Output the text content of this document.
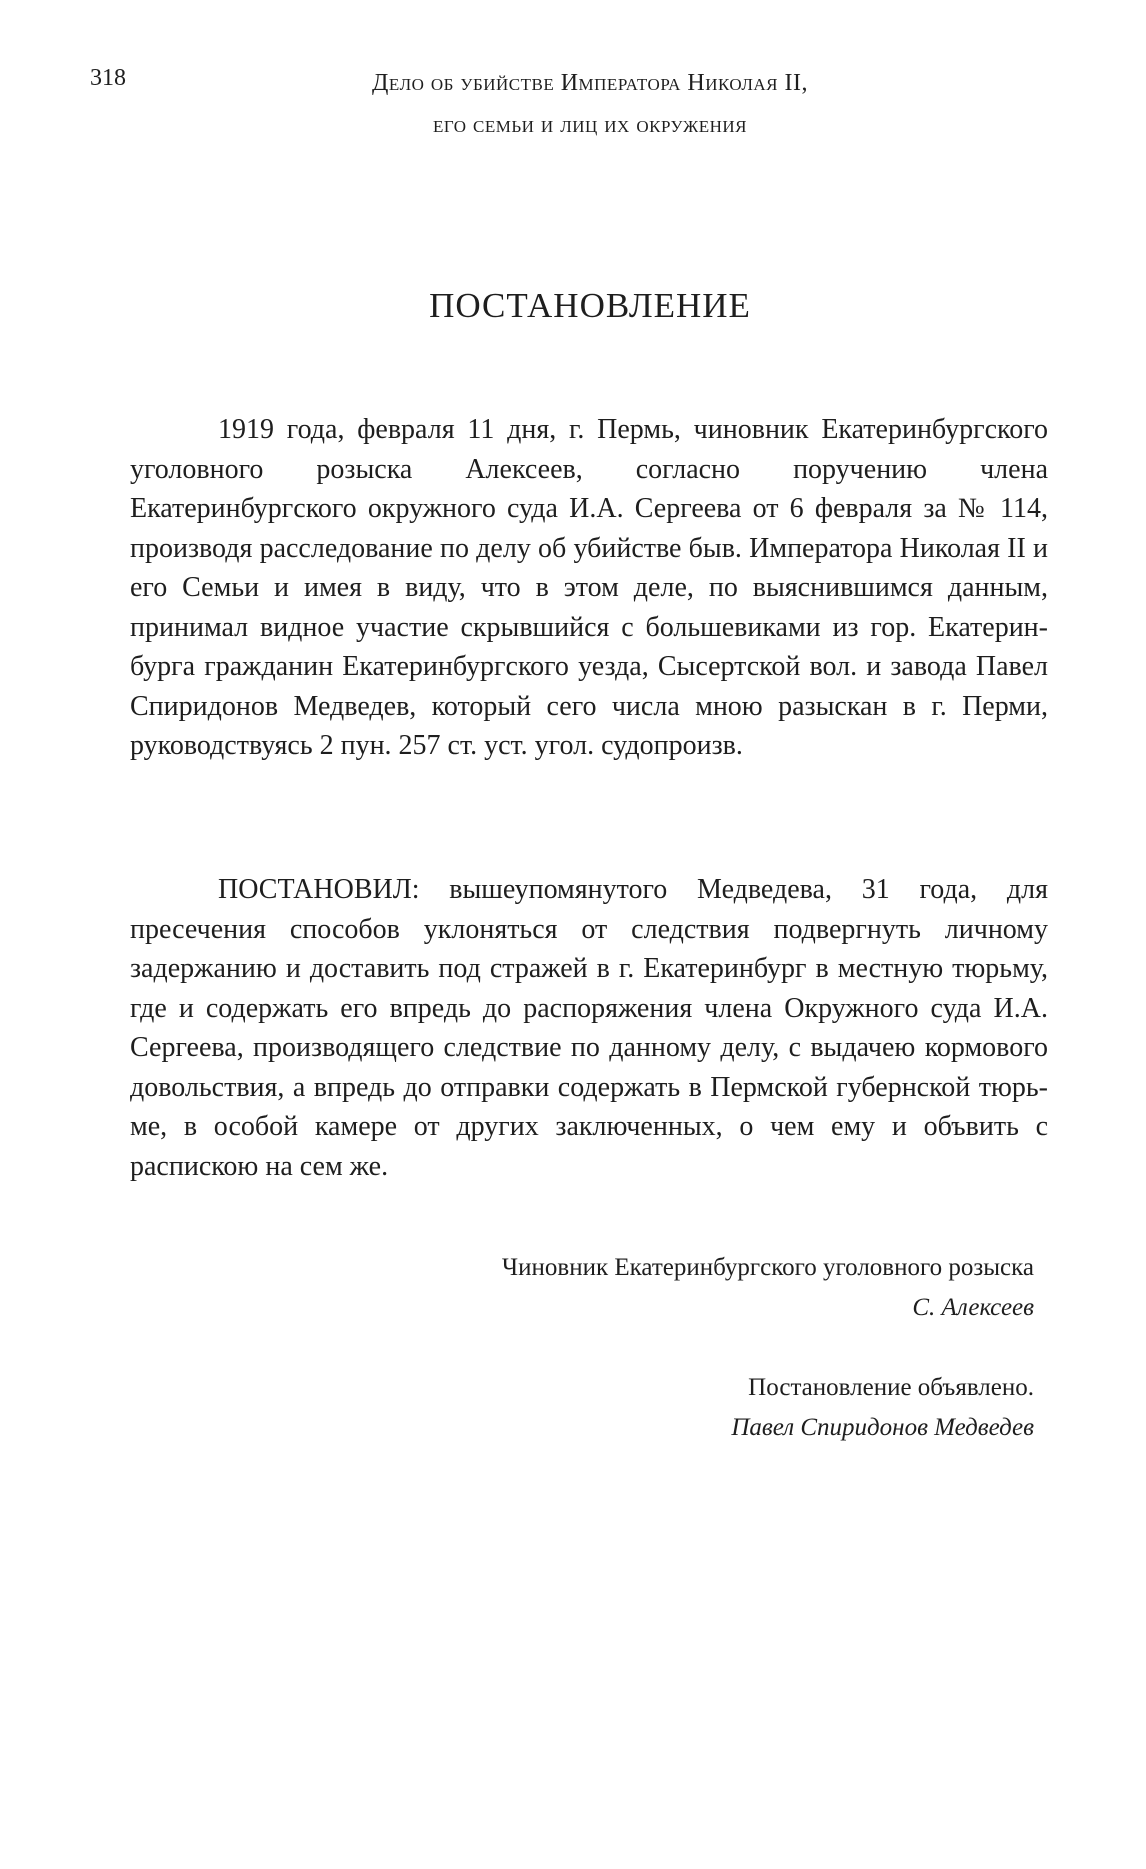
318	Дело об убийстве Императора Николая II,
его семьи и лиц их окружения
ПОСТАНОВЛЕНИЕ

1919 года, февраля 11 дня, г. Пермь, чиновник Екатеринбургского уголовного розыска Алексеев, согласно поручению члена Екатеринбургского окружного суда И.А. Сергеева от 6 февраля за № 114, производя расследование по делу об убийстве быв. Императора Николая II и его Семьи и имея в виду, что в этом деле, по выяснившимся данным, принимал видное участие скрывшийся с большевиками из гор. Екатеринбурга гражданин Екатеринбургского уезда, Сысертской вол. и завода Павел Спиридонов Медведев, который сего числа мною разыскан в г. Перми, руководствуясь 2 пун. 257 ст. уст. угол. судопроизв.

ПОСТАНОВИЛ: вышеупомянутого Медведева, 31 года, для пресечения способов уклоняться от следствия подвергнуть личному задержанию и доставить под стражей в г. Екатеринбург в местную тюрьму, где и содержать его впредь до распоряжения члена Окружного суда И.А. Сергеева, производящего следствие по данному делу, с выдачею кормового довольствия, а впредь до отправки содержать в Пермской губернской тюрьме, в особой камере от других заключенных, о чем ему и объвить с распискою на сем же.

Чиновник Екатеринбургского уголовного розыска
С. Алексеев
Постановление объявлено.
Павел Спиридонов Медведев
